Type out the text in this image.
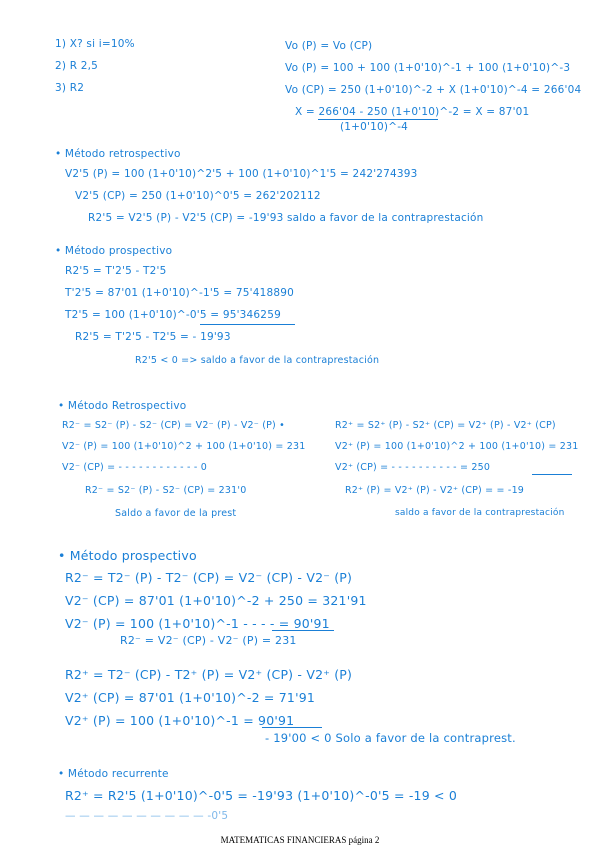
1) X? si i=10%
2) R 2,5
3) R2
Vo (P) = Vo (CP)
Vo (P) = 100 + 100 (1+0'10)^-1 + 100 (1+0'10)^-3
Vo (CP) = 250 (1+0'10)^-2 + X (1+0'10)^-4 = 266'04
X = 266'04 - 250 (1+0'10)^-2 = X = 87'01
(1+0'10)^-4
• Método retrospectivo
V2'5 (P) = 100 (1+0'10)^2'5 + 100 (1+0'10)^1'5 = 242'274393
V2'5 (CP) = 250 (1+0'10)^0'5 = 262'202112
R2'5 = V2'5 (P) - V2'5 (CP) = -19'93 saldo a favor de la contraprestación
• Método prospectivo
R2'5 = T'2'5 - T2'5
T'2'5 = 87'01 (1+0'10)^-1'5 = 75'418890
T2'5 = 100 (1+0'10)^-0'5 = 95'346259
R2'5 = T'2'5 - T2'5 = - 19'93
R2'5 < 0 => saldo a favor de la contraprestación
• Método Retrospectivo
R2⁻ = S2⁻ (P) - S2⁻ (CP) = V2⁻ (P) - V2⁻ (P) •
V2⁻ (P) = 100 (1+0'10)^2 + 100 (1+0'10) = 231
V2⁻ (CP) = - - - - - - - - - - - - 0
R2⁻ = S2⁻ (P) - S2⁻ (CP) = 231'0
Saldo a favor de la prest
R2⁺ = S2⁺ (P) - S2⁺ (CP) = V2⁺ (P) - V2⁺ (CP)
V2⁺ (P) = 100 (1+0'10)^2 + 100 (1+0'10) = 231
V2⁺ (CP) = - - - - - - - - - - = 250
R2⁺ (P) = V2⁺ (P) - V2⁺ (CP) = = -19
saldo a favor de la contraprestación
• Método prospectivo
R2⁻ = T2⁻ (P) - T2⁻ (CP) = V2⁻ (CP) - V2⁻ (P)
V2⁻ (CP) = 87'01 (1+0'10)^-2 + 250 = 321'91
V2⁻ (P) = 100 (1+0'10)^-1 - - - - = 90'91
R2⁻ = V2⁻ (CP) - V2⁻ (P) = 231
R2⁺ = T2⁻ (CP) - T2⁺ (P) = V2⁺ (CP) - V2⁺ (P)
V2⁺ (CP) = 87'01 (1+0'10)^-2 = 71'91
V2⁺ (P) = 100 (1+0'10)^-1 = 90'91
- 19'00 < 0 Solo a favor de la contraprest.
• Método recurrente
R2⁺ = R2'5 (1+0'10)^-0'5 = -19'93 (1+0'10)^-0'5 = -19 < 0
— — — — — — — — — — -0'5
MATEMATICAS FINANCIERAS página 2
